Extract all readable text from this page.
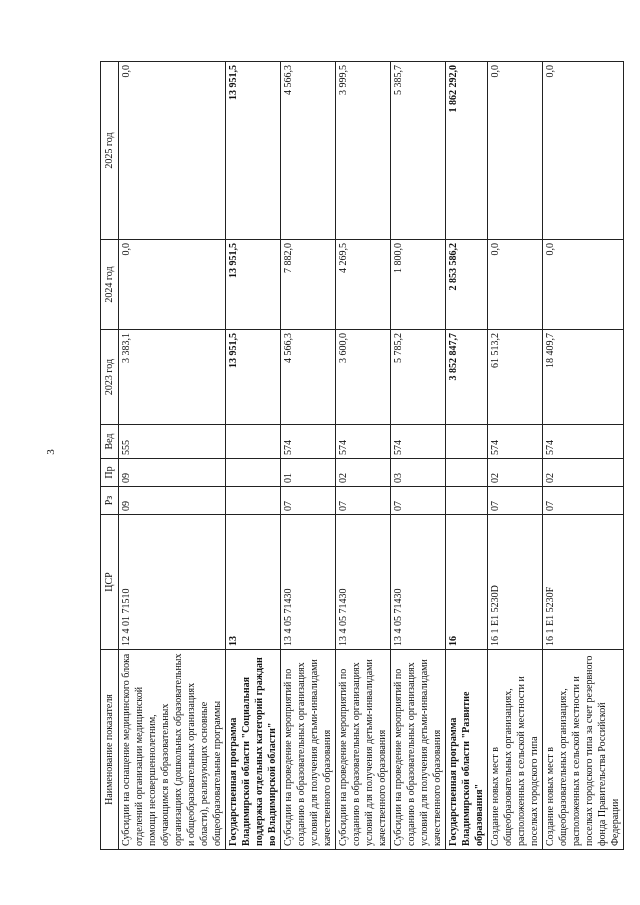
3
Наименование показателя	ЦСР	Рз	Пр	Вед	2023 год	2024 год	2025 год
Субсидии на оснащение медицинского блока отделений организации медицинской помощи несовершеннолетним, обучающимся в образовательных организациях (дошкольных образовательных и общеобразовательных организациях области), реализующих основные общеобразовательные программы	12 4 01 71510	09	09	555	3 383,1	0,0	0,0
Государственная программа Владимирской области "Социальная поддержка отдельных категорий граждан во Владимирской области"	13				13 951,5	13 951,5	13 951,5
Субсидии на проведение мероприятий по созданию в образовательных организациях условий для получения детьми-инвалидами качественного образования	13 4 05 71430	07	01	574	4 566,3	7 882,0	4 566,3
Субсидии на проведение мероприятий по созданию в образовательных организациях условий для получения детьми-инвалидами качественного образования	13 4 05 71430	07	02	574	3 600,0	4 269,5	3 999,5
Субсидии на проведение мероприятий по созданию в образовательных организациях условий для получения детьми-инвалидами качественного образования	13 4 05 71430	07	03	574	5 785,2	1 800,0	5 385,7
Государственная программа Владимирской области "Развитие образования"	16				3 852 847,7	2 853 586,2	1 862 292,0
Создание новых мест в общеобразовательных организациях, расположенных в сельской местности и поселках городского типа	16 1 E1 5230D	07	02	574	61 513,2	0,0	0,0
Создание новых мест в общеобразовательных организациях, расположенных в сельской местности и поселках городского типа за счет резервного фонда Правительства Российской Федерации	16 1 E1 5230F	07	02	574	18 409,7	0,0	0,0
